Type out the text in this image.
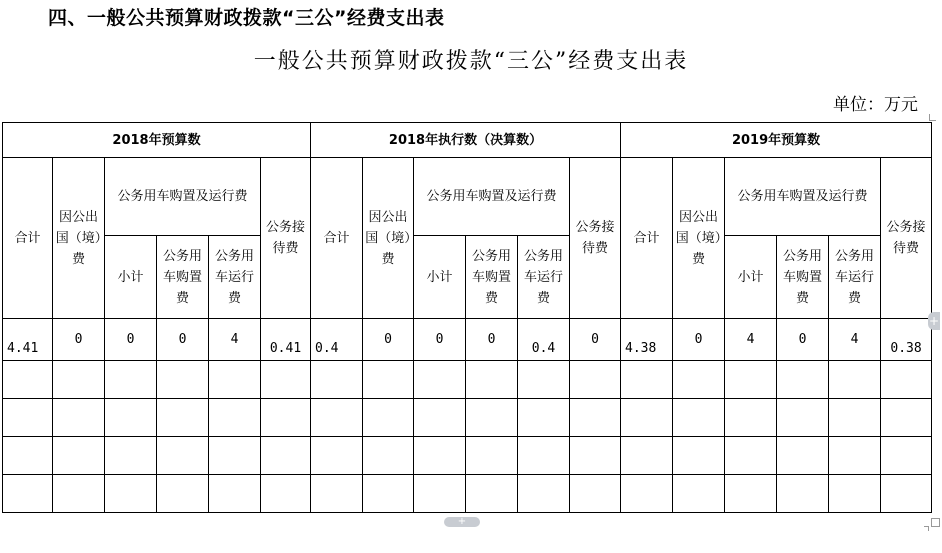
四、一般公共预算财政拨款“三公”经费支出表
一般公共预算财政拨款“三公”经费支出表
单位：万元
2018年预算数						2018年执行数（决算数）						2019年预算数					
合计	因公出国（境）费	公务用车购置及运行费			公务接待费	合计	因公出国（境）费	公务用车购置及运行费			公务接待费	合计	因公出国（境）费	公务用车购置及运行费			公务接待费
		小计	公务用车购置费	公务用车运行费				小计	公务用车购置费	公务用车运行费				小计	公务用车购置费	公务用车运行费	
4.41	0	0	0	4	0.41	0.4	0	0	0	0.4	0	4.38	0	4	0	4	0.38

+
+
